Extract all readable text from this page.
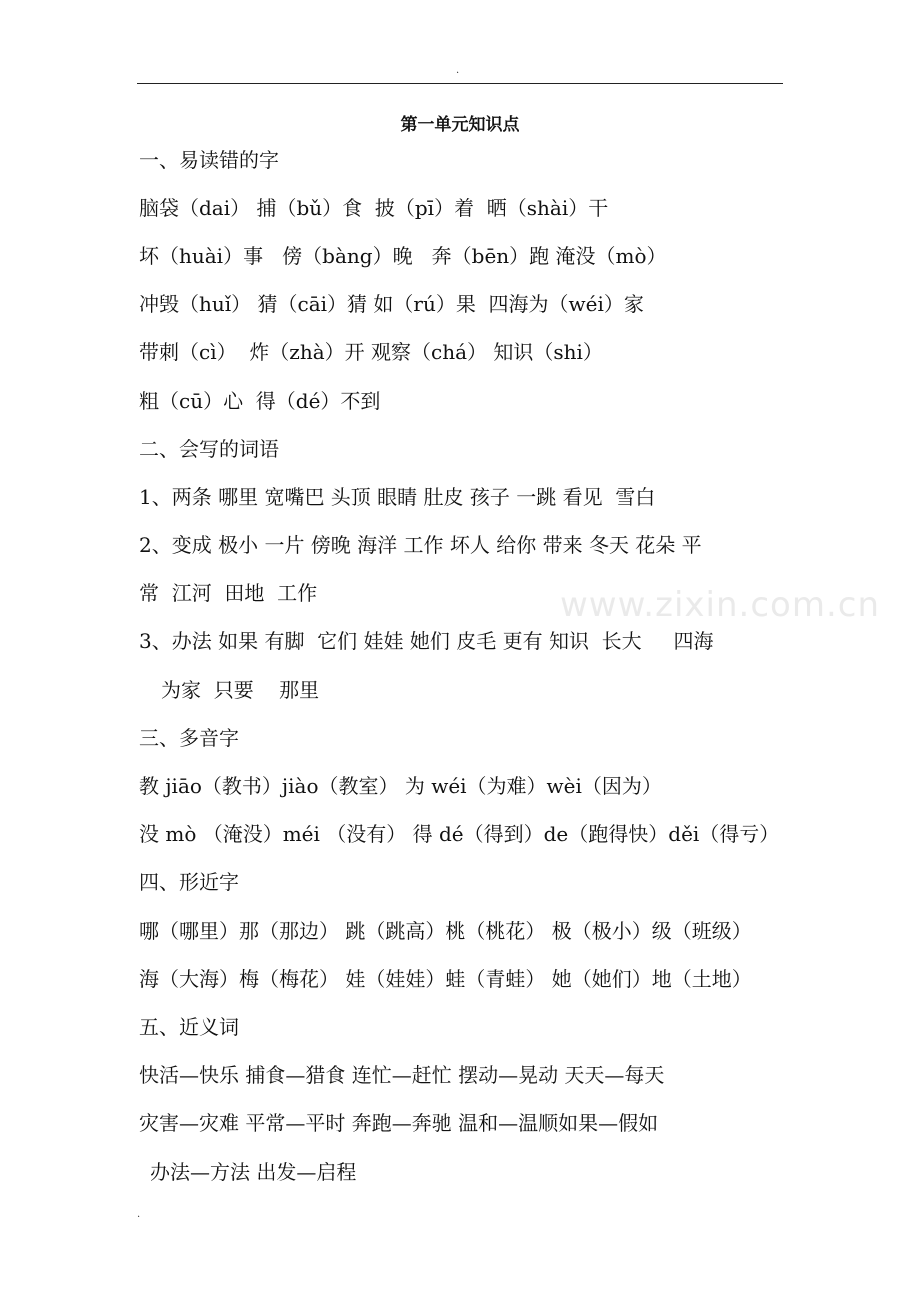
.
www.zixin.com.cn
第一单元知识点
一、易读错的字
脑袋（dai） 捕（bǔ）食  披（pī）着  晒（shài）干
坏（huài）事   傍（bàng）晚   奔（bēn）跑 淹没（mò）
冲毁（huǐ） 猜（cāi）猜 如（rú）果  四海为（wéi）家
带刺（cì）  炸（zhà）开 观察（chá） 知识（shi）
粗（cū）心  得（dé）不到
二、会写的词语
1、两条 哪里 宽嘴巴 头顶 眼睛 肚皮 孩子 一跳 看见  雪白
2、变成 极小 一片 傍晚 海洋 工作 坏人 给你 带来 冬天 花朵 平
常  江河  田地  工作
3、办法 如果 有脚  它们 娃娃 她们 皮毛 更有 知识  长大     四海
为家  只要    那里
三、多音字
教 jiāo（教书）jiào（教室） 为 wéi（为难）wèi（因为）
没 mò （淹没）méi （没有） 得 dé（得到）de（跑得快）děi（得亏）
四、形近字
哪（哪里）那（那边） 跳（跳高）桃（桃花） 极（极小）级（班级）
海（大海）梅（梅花） 娃（娃娃）蛙（青蛙） 她（她们）地（土地）
五、近义词
快活—快乐 捕食—猎食 连忙—赶忙 摆动—晃动 天天—每天
灾害—灾难 平常—平时 奔跑—奔驰 温和—温顺如果—假如
办法—方法 出发—启程
.
